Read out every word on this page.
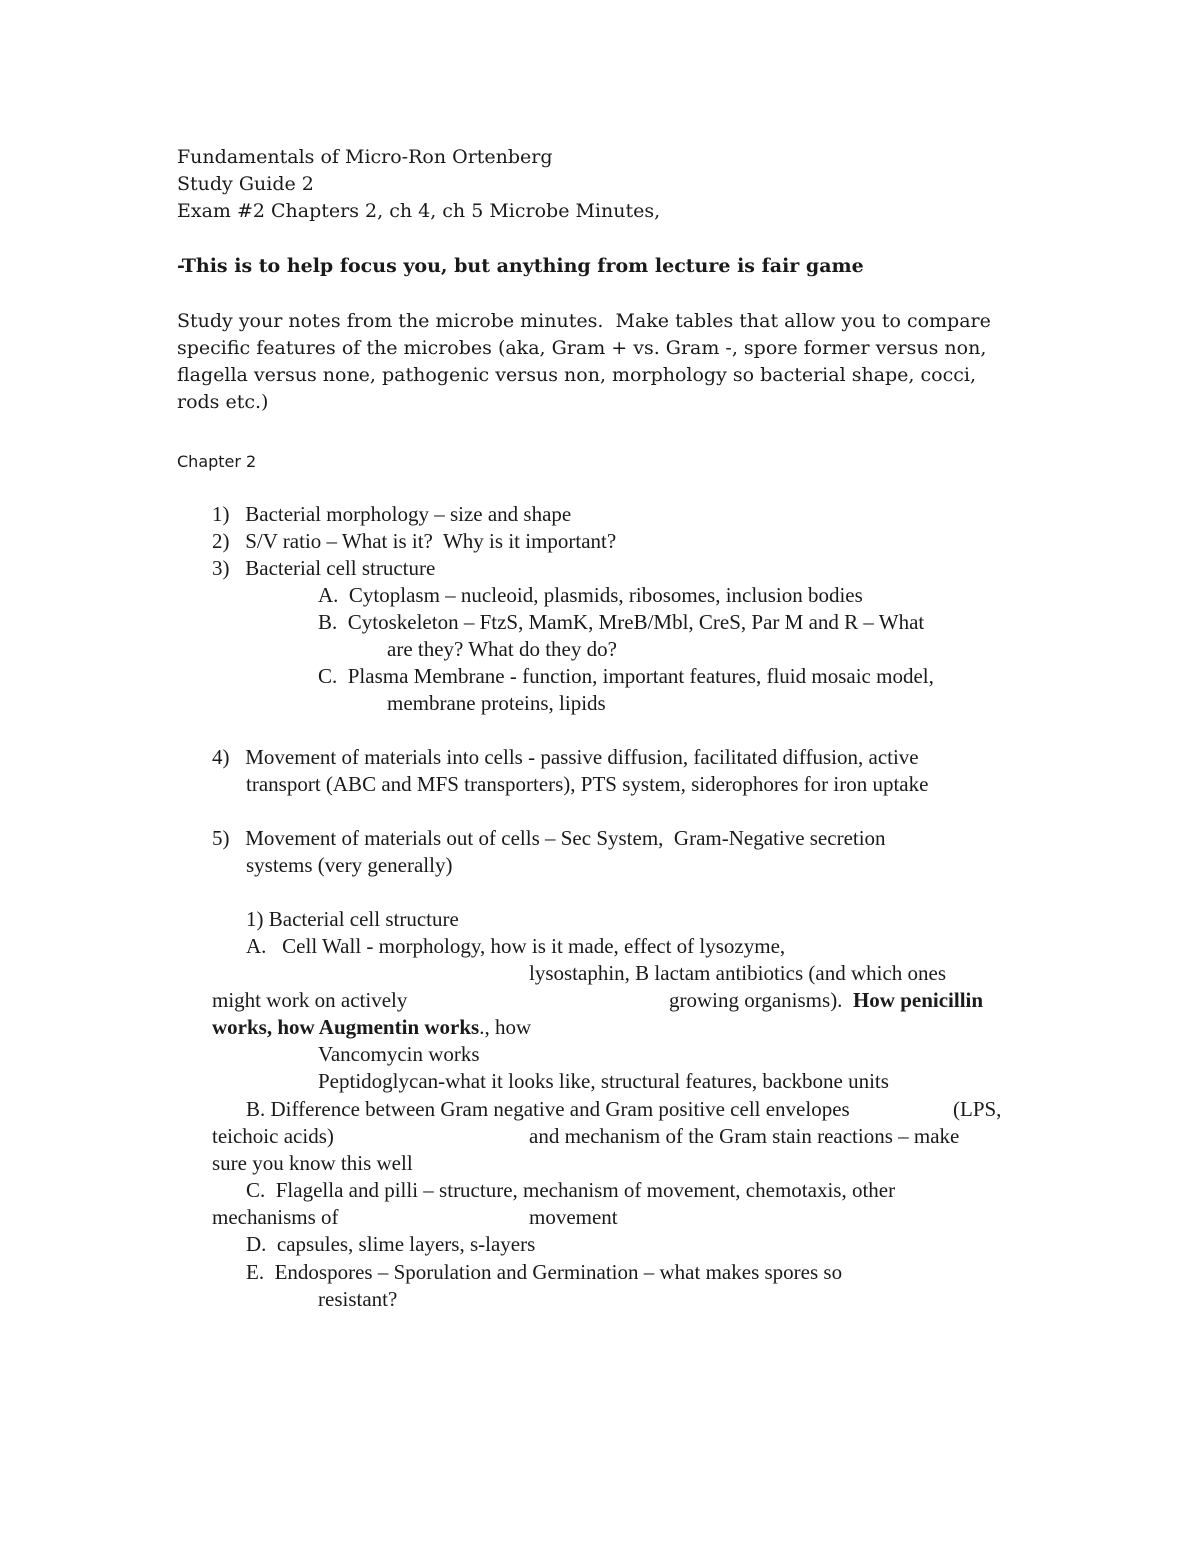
Fundamentals of Micro-Ron Ortenberg
Study Guide 2
Exam #2 Chapters 2, ch 4, ch 5 Microbe Minutes,
-This is to help focus you, but anything from lecture is fair game
Study your notes from the microbe minutes.  Make tables that allow you to compare
specific features of the microbes (aka, Gram + vs. Gram -, spore former versus non,
flagella versus none, pathogenic versus non, morphology so bacterial shape, cocci,
rods etc.)
Chapter 2
1)   Bacterial morphology – size and shape
2)   S/V ratio – What is it?  Why is it important?
3)   Bacterial cell structure
A.  Cytoplasm – nucleoid, plasmids, ribosomes, inclusion bodies
B.  Cytoskeleton – FtzS, MamK, MreB/Mbl, CreS, Par M and R – What
are they? What do they do?
C.  Plasma Membrane - function, important features, fluid mosaic model,
membrane proteins, lipids
4)   Movement of materials into cells - passive diffusion, facilitated diffusion, active
transport (ABC and MFS transporters), PTS system, siderophores for iron uptake
5)   Movement of materials out of cells – Sec System,  Gram-Negative secretion
systems (very generally)
1) Bacterial cell structure
A.   Cell Wall - morphology, how is it made, effect of lysozyme,
lysostaphin, B lactam antibiotics (and which ones
might work on actively	growing organisms). How penicillin
works, how Augmentin works., how
Vancomycin works
Peptidoglycan-what it looks like, structural features, backbone units
B. Difference between Gram negative and Gram positive cell envelopes	(LPS,
teichoic acids)	and mechanism of the Gram stain reactions – make
sure you know this well
C.  Flagella and pilli – structure, mechanism of movement, chemotaxis, other
mechanisms of	movement
D.  capsules, slime layers, s-layers
E.  Endospores – Sporulation and Germination – what makes spores so
resistant?
